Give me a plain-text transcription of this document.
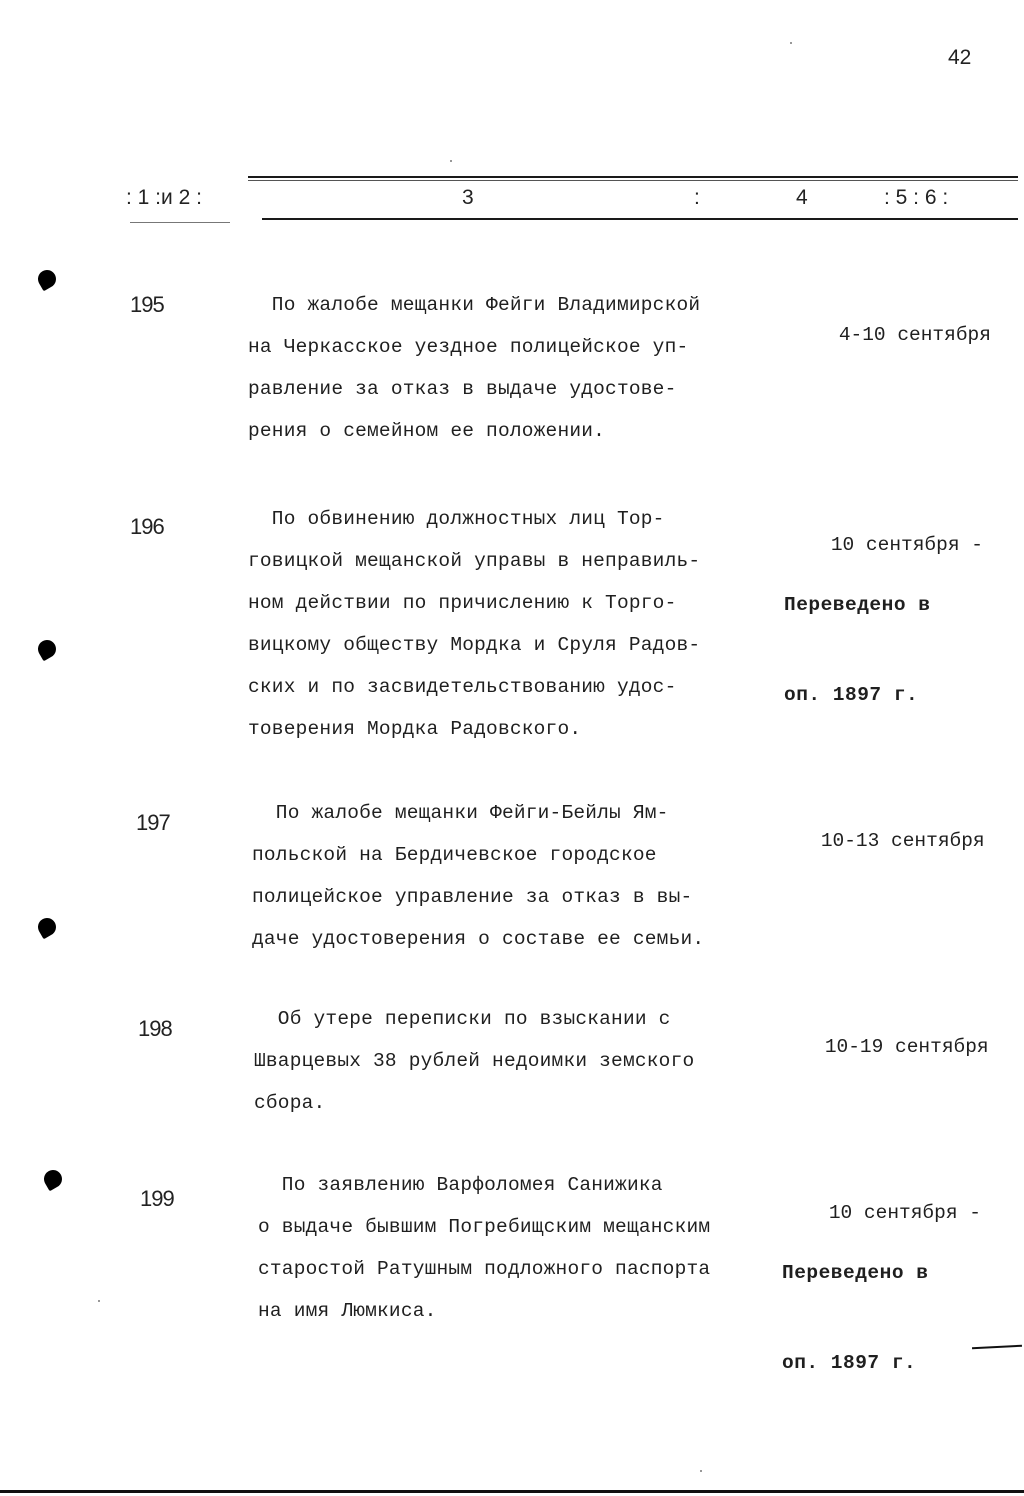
42
: 1 :и 2 :	3	:	4	: 5 : 6 :
195	По жалобе мещанки Фейги Владимирской
на Черкасское уездное полицейское уп-
равление за отказ в выдаче удостове-
рения о семейном ее положении.

4-10 сентября

196	По обвинению должностных лиц Тор-
говицкой мещанской управы в неправиль-
ном действии по причислению к Торго-
вицкому обществу Мордка и Сруля Радов-
ских и по засвидетельствованию удос-
товерения Мордка Радовского.

10 сентября -

Переведено в

оп. 1897 г.

197	По жалобе мещанки Фейги-Бейлы Ям-
польской на Бердичевское городское
полицейское управление за отказ в вы-
даче удостоверения о составе ее семьи.

10-13 сентября

198	Об утере переписки по взыскании с
Шварцевых 38 рублей недоимки земского
сбора.

10-19 сентября

199
По заявлению Варфоломея Санижика
о выдаче бывшим Погребищским мещанским
старостой Ратушным подложного паспорта
на имя Люмкиса.

10 сентября -

Переведено в

оп. 1897 г.
